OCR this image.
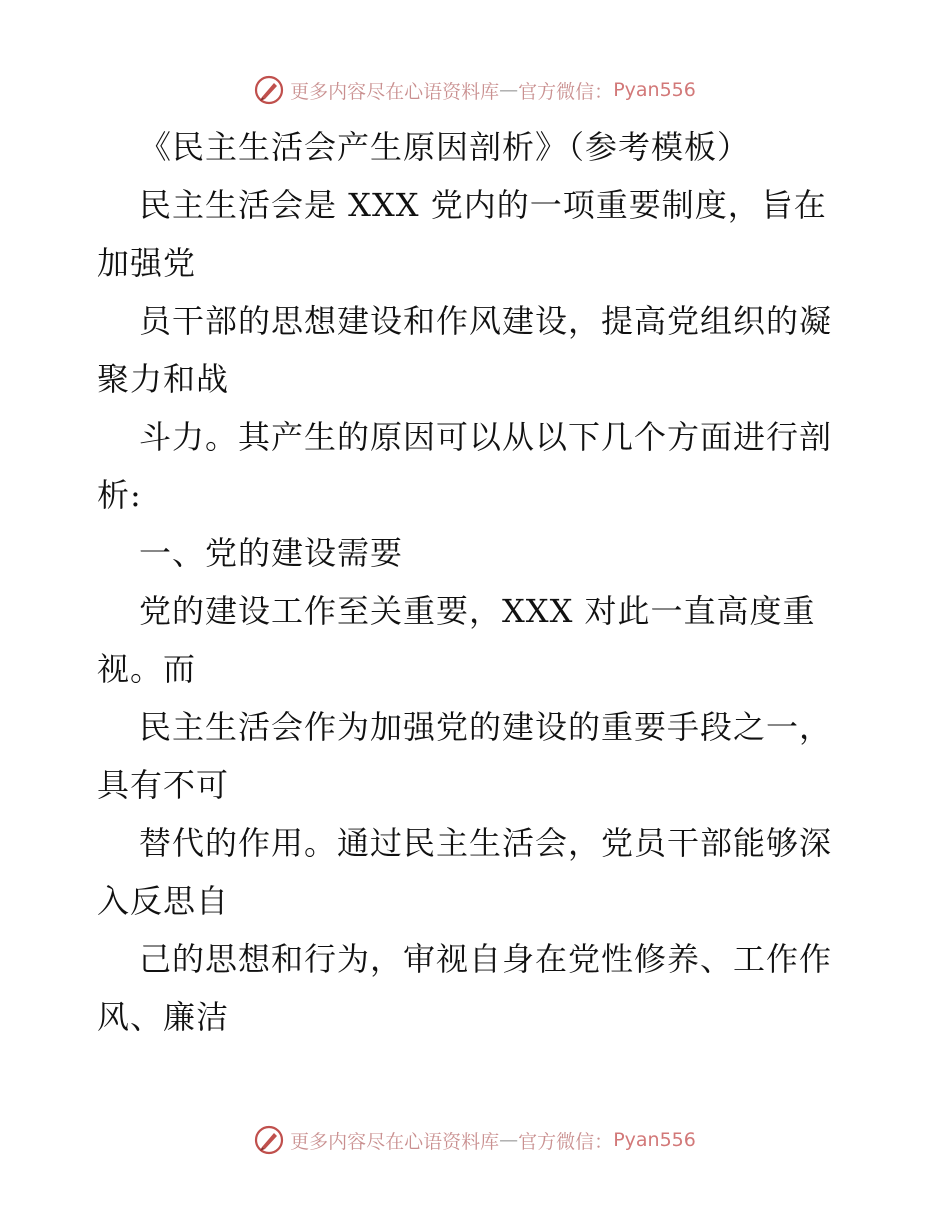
更多内容尽在心语资料库 — 官方微信： Pyan556
《民主生活会产生原因剖析》（参考模板）
民主生活会是 XXX 党内的一项重要制度，旨在
加强党
员干部的思想建设和作风建设，提高党组织的凝
聚力和战
斗力。其产生的原因可以从以下几个方面进行剖
析:
一、党的建设需要
党的建设工作至关重要，XXX 对此一直高度重
视。而
民主生活会作为加强党的建设的重要手段之一，
具有不可
替代的作用。通过民主生活会，党员干部能够深
入反思自
己的思想和行为，审视自身在党性修养、工作作
风、廉洁
更多内容尽在心语资料库 — 官方微信： Pyan556
